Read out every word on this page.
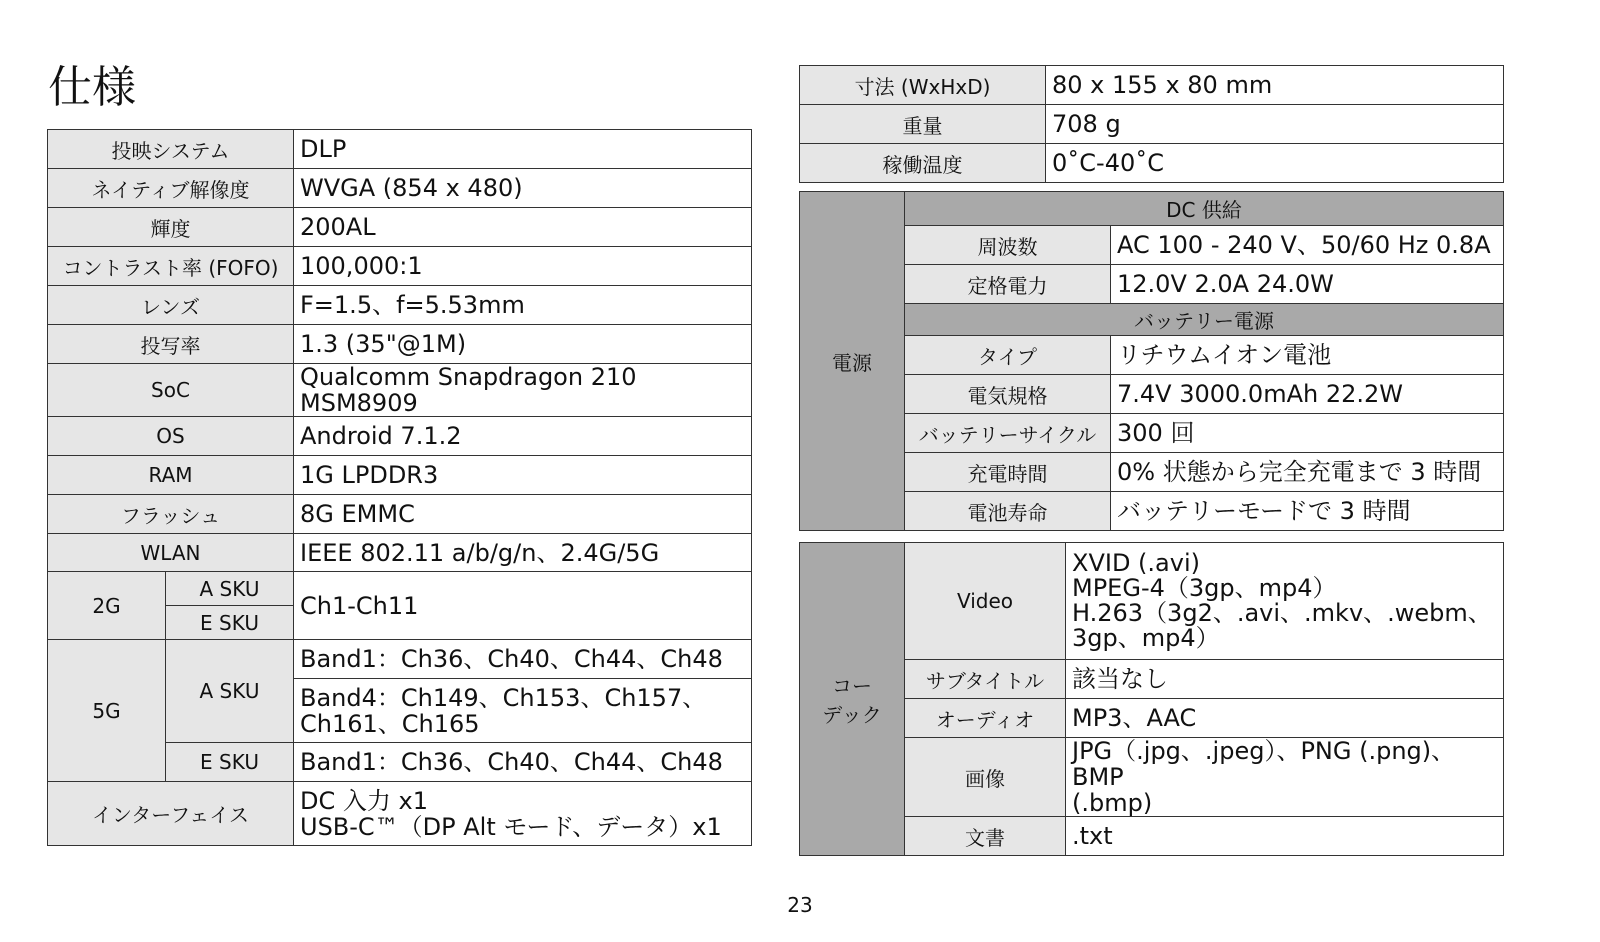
仕様
投映システム		DLP
ネイティブ解像度		WVGA (854 x 480)
輝度		200AL
コントラスト率 (FOFO)		100,000:1
レンズ		F=1.5、f=5.53mm
投写率		1.3 (35"@1M)
SoC		Qualcomm Snapdragon 210 MSM8909
OS		Android 7.1.2
RAM		1G LPDDR3
フラッシュ		8G EMMC
WLAN		IEEE 802.11 a/b/g/n、2.4G/5G
2G	A SKU	Ch1-Ch11
	E SKU	
5G	A SKU	Band1：Ch36、Ch40、Ch44、Ch48

		Band4：Ch149、Ch153、Ch157、
Ch161、Ch165

	E SKU	Band1：Ch36、Ch40、Ch44、Ch48
インターフェイス		DC 入力 x1
USB-C™（DP Alt モード、データ）x1
寸法 (WxHxD)	80 x 155 x 80 mm
重量	708 g
稼働温度	0˚C-40˚C
電源	DC 供給	
	周波数	AC 100 - 240 V、50/60 Hz 0.8A
	定格電力	12.0V 2.0A 24.0W
	バッテリー電源	
	タイプ	リチウムイオン電池
	電気規格	7.4V 3000.0mAh 22.2W
	バッテリーサイクル	300 回
	充電時間	0% 状態から完全充電まで 3 時間
	電池寿命	バッテリーモードで 3 時間
コー
デック	Video	XVID (.avi)
MPEG-4（3gp、mp4）
H.263（3g2、.avi、.mkv、.webm、
3gp、mp4）

	サブタイトル	該当なし
	オーディオ	MP3、AAC
	画像	JPG（.jpg、.jpeg）、PNG (.png)、BMP
(.bmp)

	文書	.txt
23
